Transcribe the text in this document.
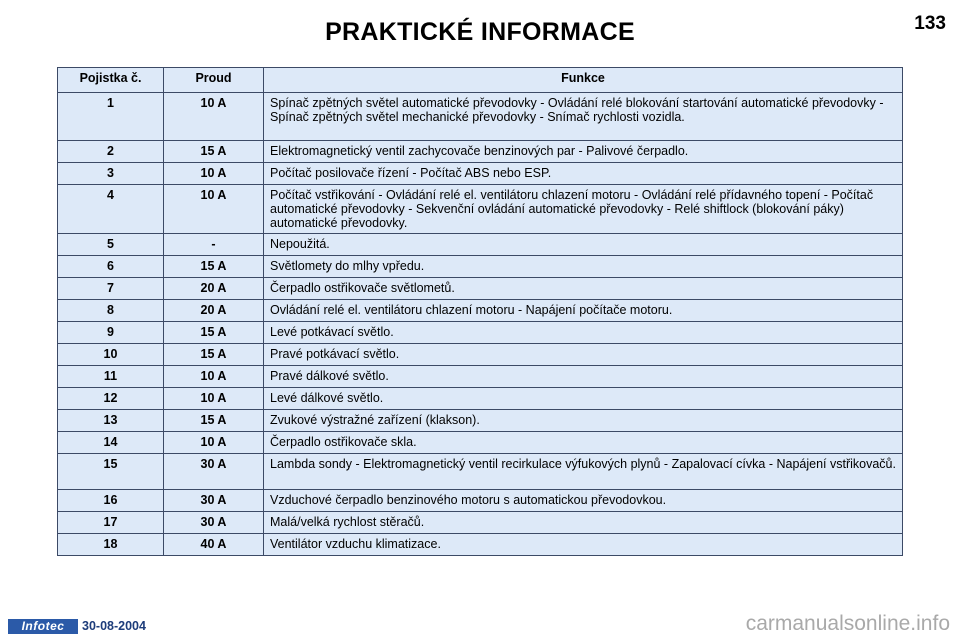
PRAKTICKÉ INFORMACE	133
Pojistka č.	Proud	Funkce
1	10 A	Spínač zpětných světel automatické převodovky - Ovládání relé blokování startování automatické převodovky - Spínač zpětných světel mechanické převodovky - Snímač rychlosti vozidla.
2	15 A	Elektromagnetický ventil zachycovače benzinových par - Palivové čerpadlo.
3	10 A	Počítač posilovače řízení - Počítač ABS nebo ESP.
4	10 A	Počítač vstřikování - Ovládání relé el. ventilátoru chlazení motoru - Ovládání relé přídavného topení - Počítač automatické převodovky - Sekvenční ovládání automatické převodovky - Relé shiftlock (blokování páky) automatické převodovky.
5	-	Nepoužitá.
6	15 A	Světlomety do mlhy vpředu.
7	20 A	Čerpadlo ostřikovače světlometů.
8	20 A	Ovládání relé el. ventilátoru chlazení motoru - Napájení počítače motoru.
9	15 A	Levé potkávací světlo.
10	15 A	Pravé potkávací světlo.
11	10 A	Pravé dálkové světlo.
12	10 A	Levé dálkové světlo.
13	15 A	Zvukové výstražné zařízení (klakson).
14	10 A	Čerpadlo ostřikovače skla.
15	30 A	Lambda sondy - Elektromagnetický ventil recirkulace výfukových plynů - Zapalovací cívka - Napájení vstřikovačů.
16	30 A	Vzduchové čerpadlo benzinového motoru s automatickou převodovkou.
17	30 A	Malá/velká rychlost stěračů.
18	40 A	Ventilátor vzduchu klimatizace.
Infotec	30-08-2004	carmanualsonline.info
